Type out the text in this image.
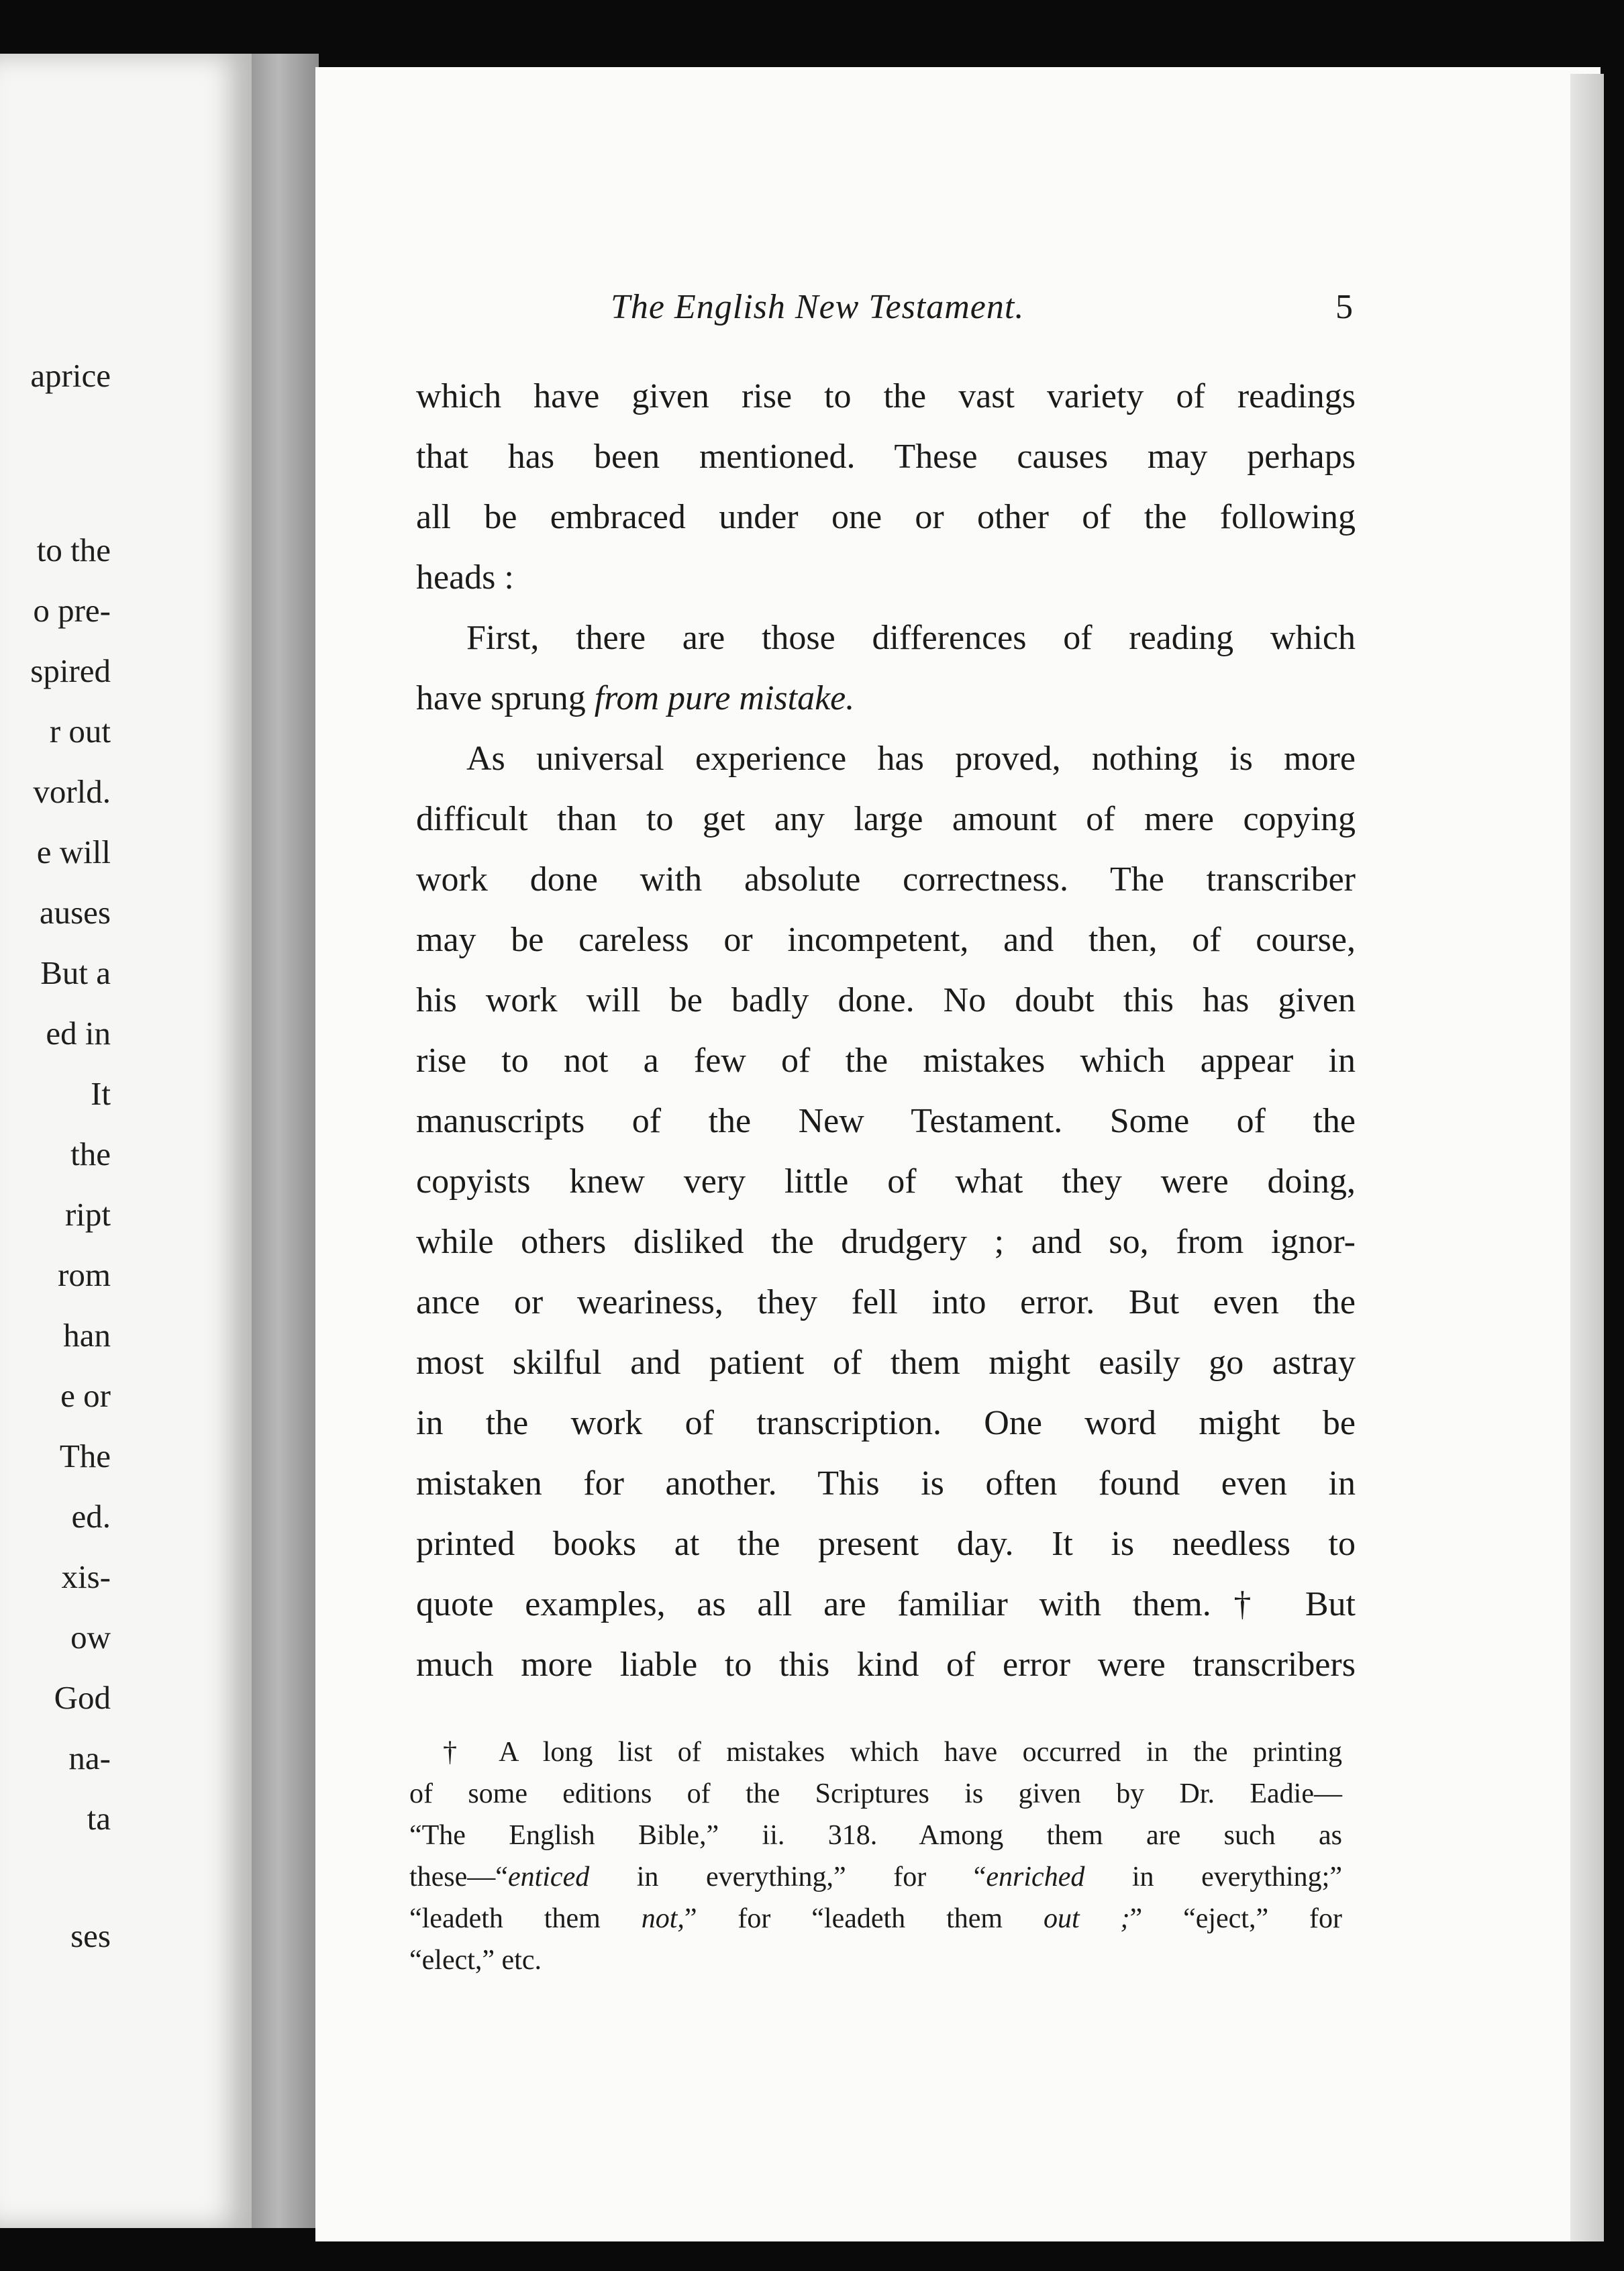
aprice
to the
o pre-
spired
r out
vorld.
e will
auses
But a
ed in
It
the
ript
rom
han
e or
The
ed.
xis-
ow
God
na-
ta
ses
The English New Testament.	5
which have given rise to the vast variety of readings
that has been mentioned. These causes may perhaps
all be embraced under one or other of the following
heads :
First, there are those differences of reading which
have sprung from pure mistake.
As universal experience has proved, nothing is more
difficult than to get any large amount of mere copying
work done with absolute correctness. The transcriber
may be careless or incompetent, and then, of course,
his work will be badly done. No doubt this has given
rise to not a few of the mistakes which appear in
manuscripts of the New Testament. Some of the
copyists knew very little of what they were doing,
while others disliked the drudgery ; and so, from ignor-
ance or weariness, they fell into error. But even the
most skilful and patient of them might easily go astray
in the work of transcription. One word might be
mistaken for another. This is often found even in
printed books at the present day. It is needless to
quote examples, as all are familiar with them.† But
much more liable to this kind of error were transcribers
† A long list of mistakes which have occurred in the printing
of some editions of the Scriptures is given by Dr. Eadie—
“The English Bible,” ii. 318. Among them are such as
these—“enticed in everything,” for “enriched in everything;”
“leadeth them not,” for “leadeth them out ;” “eject,” for
“elect,” etc.
